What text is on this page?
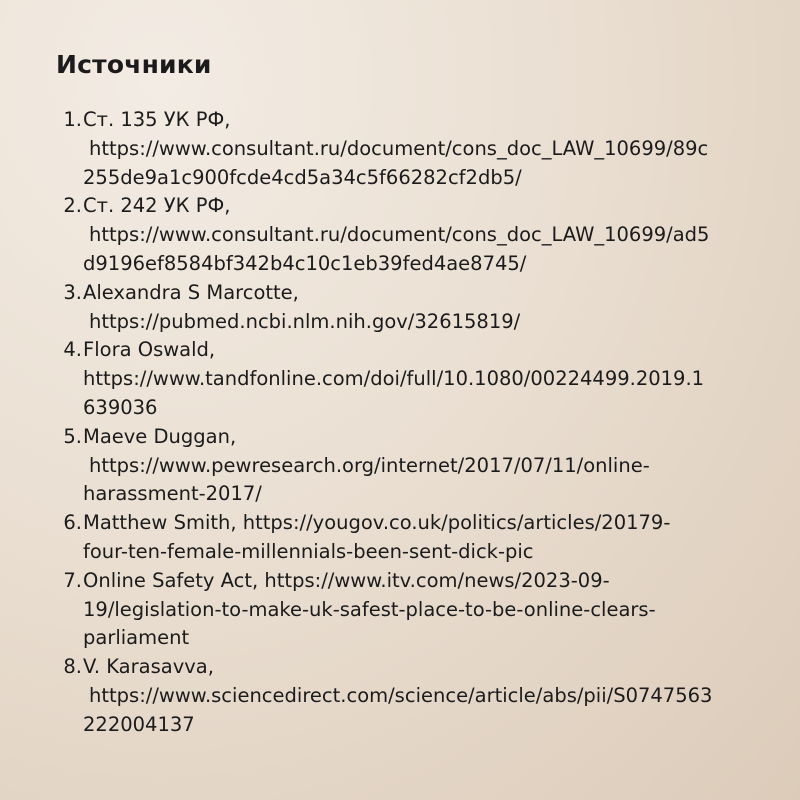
Источники
1. Ст. 135 УК РФ,
https://www.consultant.ru/document/cons_doc_LAW_10699/89c
255de9a1c900fcde4cd5a34c5f66282cf2db5/
2. Ст. 242 УК РФ,
https://www.consultant.ru/document/cons_doc_LAW_10699/ad5
d9196ef8584bf342b4c10c1eb39fed4ae8745/
3. Alexandra S Marcotte,
https://pubmed.ncbi.nlm.nih.gov/32615819/
4. Flora Oswald,
https://www.tandfonline.com/doi/full/10.1080/00224499.2019.1
639036
5. Maeve Duggan,
https://www.pewresearch.org/internet/2017/07/11/online-
harassment-2017/
6. Matthew Smith, https://yougov.co.uk/politics/articles/20179-
four-ten-female-millennials-been-sent-dick-pic
7. Online Safety Act, https://www.itv.com/news/2023-09-
19/legislation-to-make-uk-safest-place-to-be-online-clears-
parliament
8. V. Karasavva,
https://www.sciencedirect.com/science/article/abs/pii/S0747563
222004137
